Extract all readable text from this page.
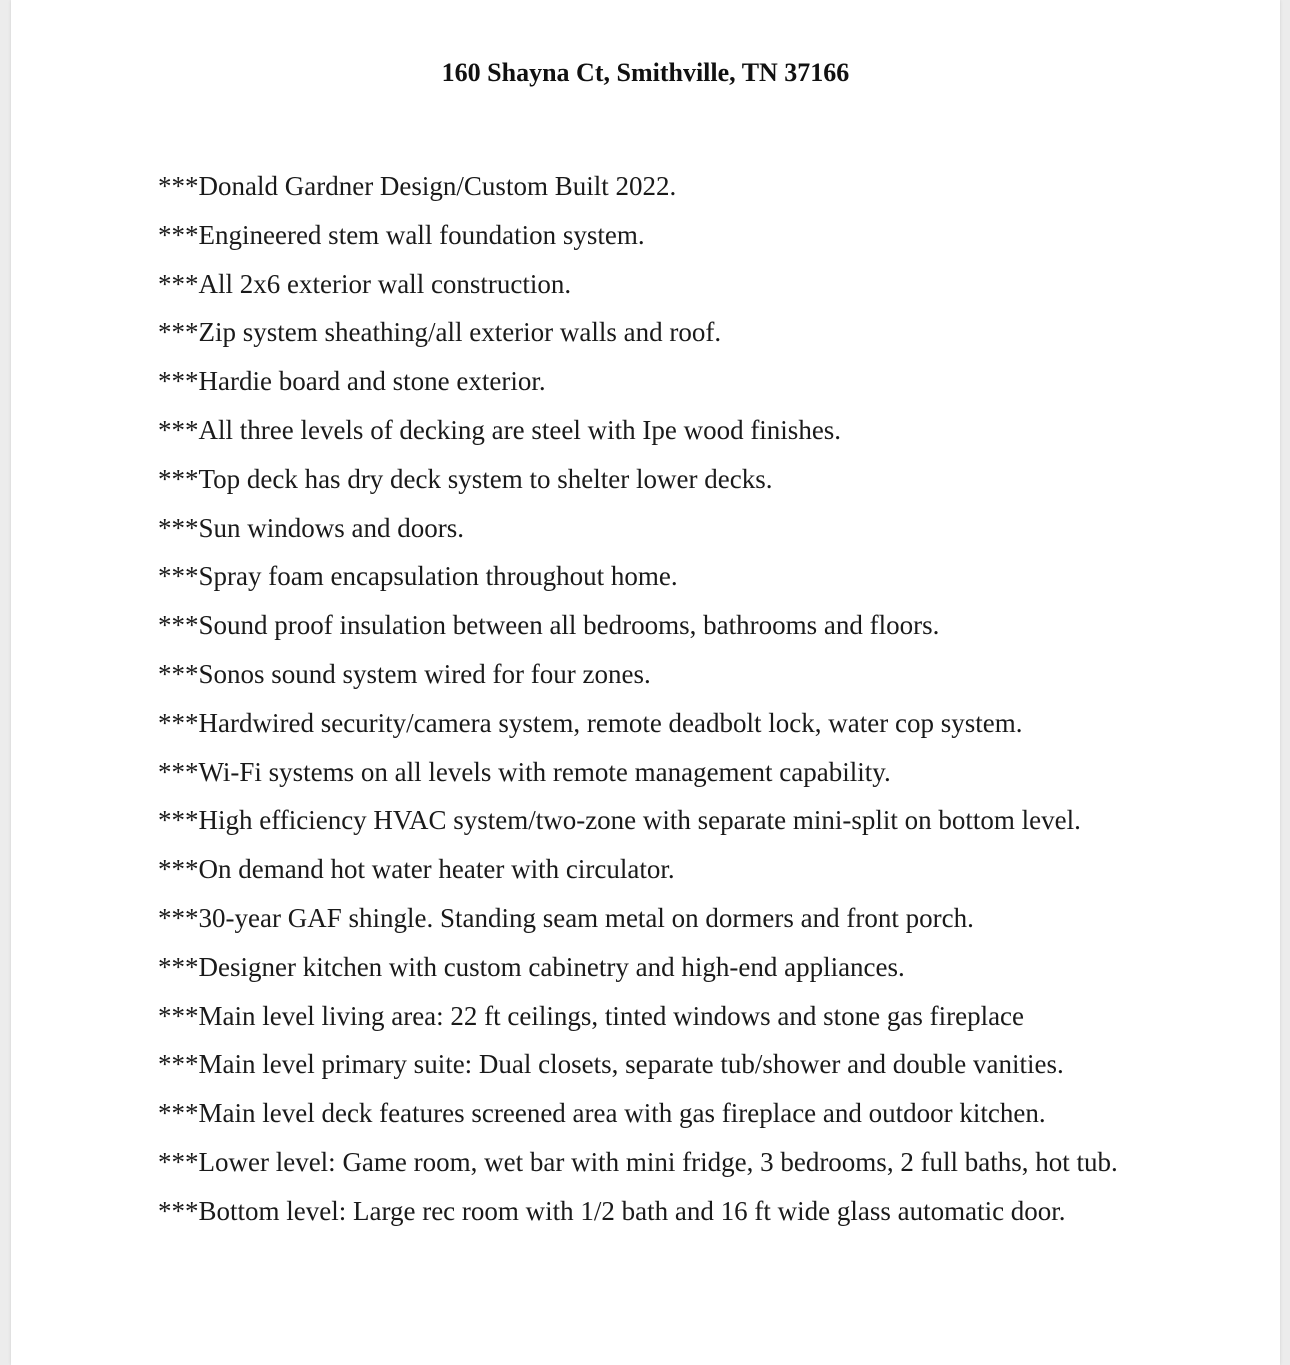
160 Shayna Ct, Smithville, TN 37166
***Donald Gardner Design/Custom Built 2022.
***Engineered stem wall foundation system.
***All 2x6 exterior wall construction.
***Zip system sheathing/all exterior walls and roof.
***Hardie board and stone exterior.
***All three levels of decking are steel with Ipe wood finishes.
***Top deck has dry deck system to shelter lower decks.
***Sun windows and doors.
***Spray foam encapsulation throughout home.
***Sound proof insulation between all bedrooms, bathrooms and floors.
***Sonos sound system wired for four zones.
***Hardwired security/camera system, remote deadbolt lock, water cop system.
***Wi-Fi systems on all levels with remote management capability.
***High efficiency HVAC system/two-zone with separate mini-split on bottom level.
***On demand hot water heater with circulator.
***30-year GAF shingle. Standing seam metal on dormers and front porch.
***Designer kitchen with custom cabinetry and high-end appliances.
***Main level living area: 22 ft ceilings, tinted windows and stone gas fireplace
***Main level primary suite: Dual closets, separate tub/shower and double vanities.
***Main level deck features screened area with gas fireplace and outdoor kitchen.
***Lower level: Game room, wet bar with mini fridge, 3 bedrooms, 2 full baths, hot tub.
***Bottom level: Large rec room with 1/2 bath and 16 ft wide glass automatic door.
